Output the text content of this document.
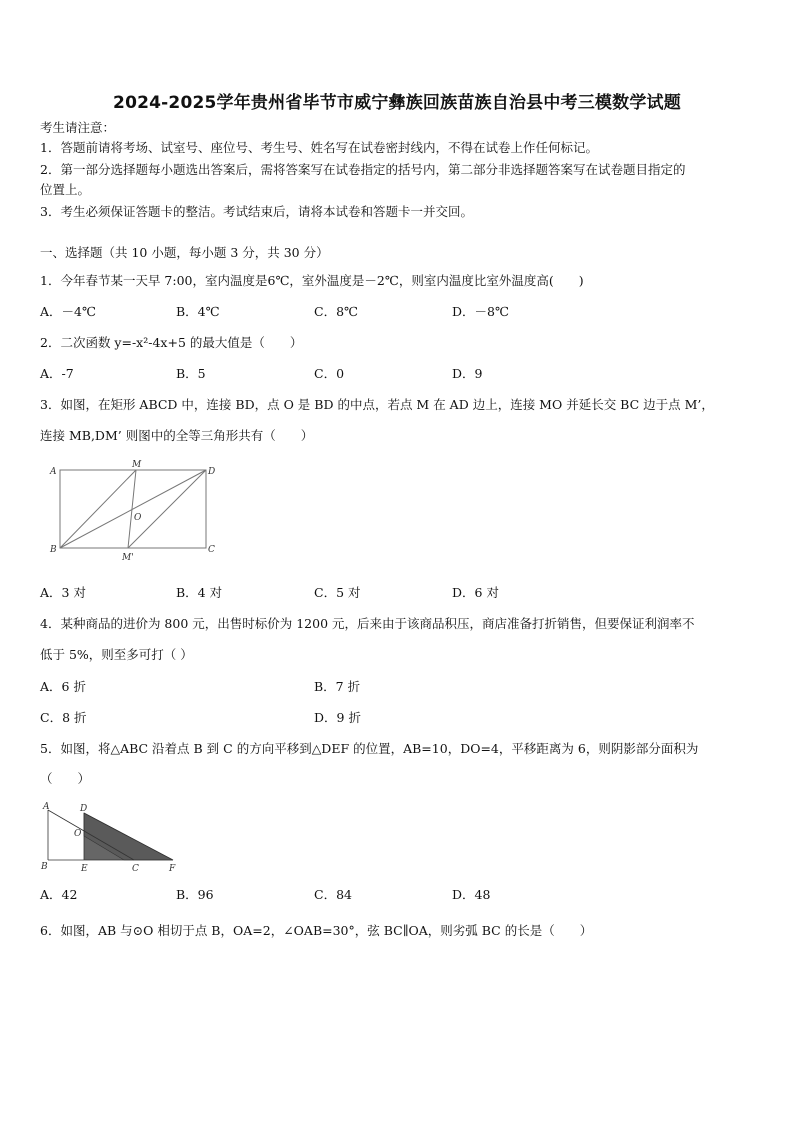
2024-2025学年贵州省毕节市威宁彝族回族苗族自治县中考三模数学试题
考生请注意：
1．答题前请将考场、试室号、座位号、考生号、姓名写在试卷密封线内，不得在试卷上作任何标记。
2．第一部分选择题每小题选出答案后，需将答案写在试卷指定的括号内，第二部分非选择题答案写在试卷题目指定的
位置上。
3．考生必须保证答题卡的整洁。考试结束后，请将本试卷和答题卡一并交回。
一、选择题（共 10 小题，每小题 3 分，共 30 分）
1．今年春节某一天早 7:00，室内温度是6℃，室外温度是－2℃，则室内温度比室外温度高(　　)
A．－4℃	B．4℃	C．8℃	D．－8℃
2．二次函数 y=-x²-4x+5 的最大值是（　　）
A．-7	B．5	C．0	D．9
3．如图，在矩形 ABCD 中，连接 BD，点 O 是 BD 的中点，若点 M 在 AD 边上，连接 MO 并延长交 BC 边于点 M’，
连接 MB,DM’ 则图中的全等三角形共有（　　）
A
M
D
O
B
M'
C
A．3 对	B．4 对	C．5 对	D．6 对
4．某种商品的进价为 800 元，出售时标价为 1200 元，后来由于该商品积压，商店准备打折销售，但要保证利润率不
低于 5%，则至多可打（ ）
A．6 折	B．7 折
C．8 折	D．9 折
5．如图，将△ABC 沿着点 B 到 C 的方向平移到△DEF 的位置，AB=10，DO=4，平移距离为 6，则阴影部分面积为
（　　）
A	D
O
B	E	C	F
A．42	B．96	C．84	D．48
6．如图，AB 与⊙O 相切于点 B，OA=2，∠OAB=30°，弦 BC∥OA，则劣弧 BC 的长是（　　）
